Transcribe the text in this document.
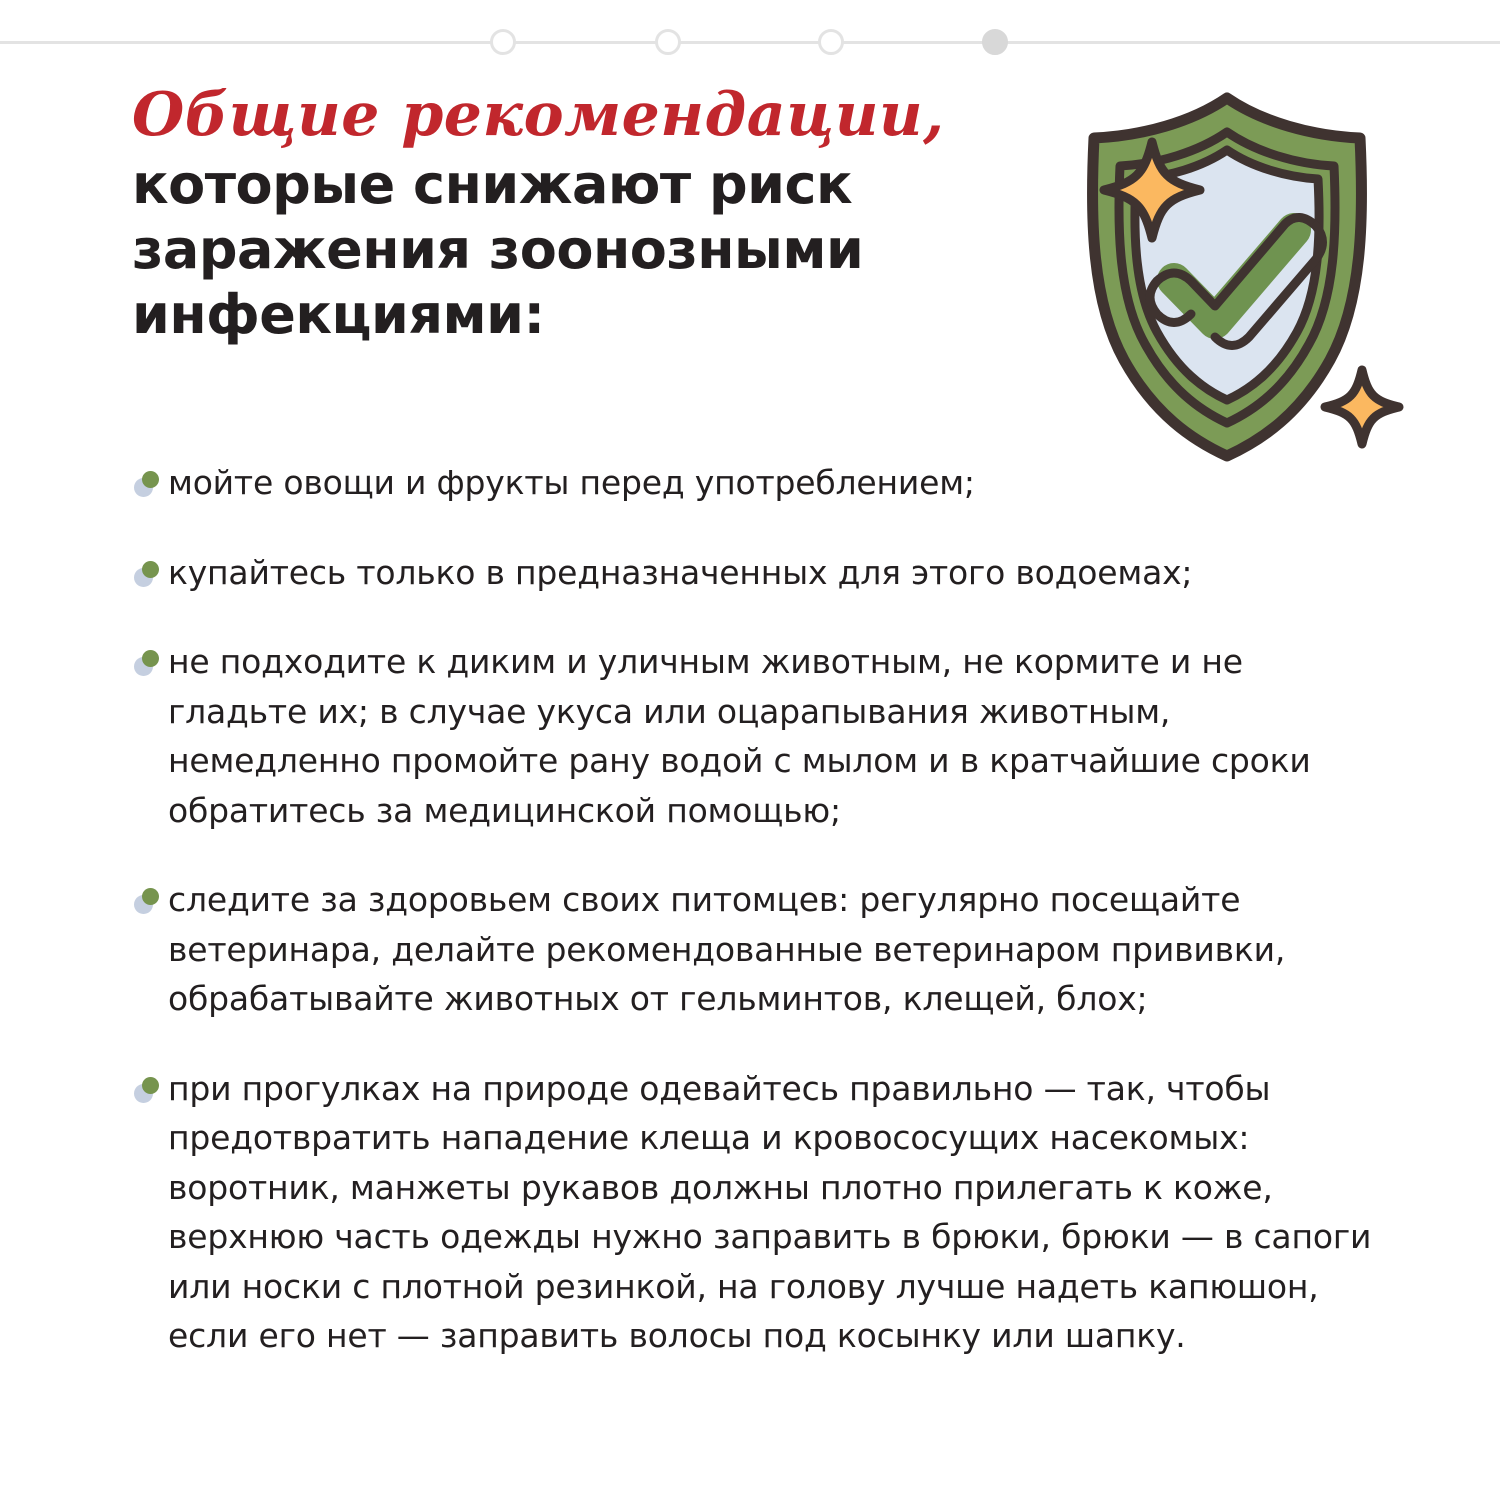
Общие рекомендации,

которые снижают риск заражения зоонозными инфекциями:

мойте овощи и фрукты перед употреблением;

купайтесь только в предназначенных для этого водоемах;

не подходите к диким и уличным животным, не кормите и не гладьте их; в случае укуса или оцарапывания животным, немедленно промойте рану водой с мылом и в кратчайшие сроки обратитесь за медицинской помощью;

следите за здоровьем своих питомцев: регулярно посещайте ветеринара, делайте рекомендованные ветеринаром прививки, обрабатывайте животных от гельминтов, клещей, блох;

при прогулках на природе одевайтесь правильно — так, чтобы предотвратить нападение клеща и кровососущих насекомых: воротник, манжеты рукавов должны плотно прилегать к коже, верхнюю часть одежды нужно заправить в брюки, брюки — в сапоги или носки с плотной резинкой, на голову лучше надеть капюшон, если его нет — заправить волосы под косынку или шапку.
